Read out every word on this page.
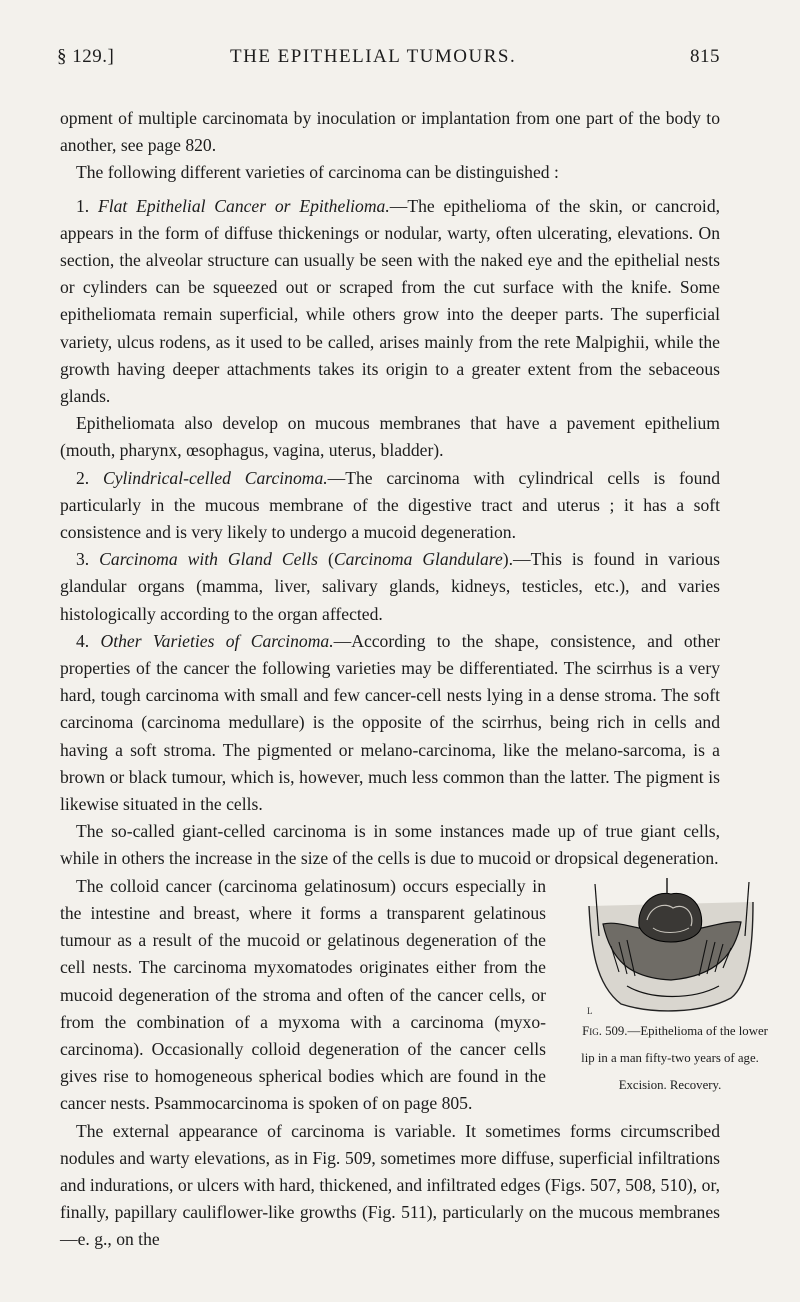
§ 129.]	THE EPITHELIAL TUMOURS.	815

opment of multiple carcinomata by inoculation or implantation from one part of the body to another, see page 820.

The following different varieties of carcinoma can be distinguished :

1. Flat Epithelial Cancer or Epithelioma.—The epithelioma of the skin, or cancroid, appears in the form of diffuse thickenings or nodular, warty, often ulcerating, elevations. On section, the alveolar structure can usually be seen with the naked eye and the epithelial nests or cylinders can be squeezed out or scraped from the cut surface with the knife. Some epitheliomata remain superficial, while others grow into the deeper parts. The superficial variety, ulcus rodens, as it used to be called, arises mainly from the rete Malpighii, while the growth having deeper attachments takes its origin to a greater extent from the sebaceous glands.

Epitheliomata also develop on mucous membranes that have a pavement epithelium (mouth, pharynx, œsophagus, vagina, uterus, bladder).

2. Cylindrical-celled Carcinoma.—The carcinoma with cylindrical cells is found particularly in the mucous membrane of the digestive tract and uterus ; it has a soft consistence and is very likely to undergo a mucoid degeneration.

3. Carcinoma with Gland Cells (Carcinoma Glandulare).—This is found in various glandular organs (mamma, liver, salivary glands, kidneys, testicles, etc.), and varies histologically according to the organ affected.

4. Other Varieties of Carcinoma.—According to the shape, consistence, and other properties of the cancer the following varieties may be differentiated. The scirrhus is a very hard, tough carcinoma with small and few cancer-cell nests lying in a dense stroma. The soft carcinoma (carcinoma medullare) is the opposite of the scirrhus, being rich in cells and having a soft stroma. The pigmented or melano-carcinoma, like the melano-sarcoma, is a brown or black tumour, which is, however, much less common than the latter. The pigment is likewise situated in the cells.

The so-called giant-celled carcinoma is in some instances made up of true giant cells, while in others the increase in the size of the cells is due to mucoid or dropsical degeneration.

L
Fig. 509.—Epithelioma of the lower lip in a man fifty-two years of age. Excision. Recovery.
The colloid cancer (carcinoma gelatinosum) occurs especially in the intestine and breast, where it forms a transparent gelatinous tumour as a result of the mucoid or gelatinous degeneration of the cell nests. The carcinoma myxomatodes originates either from the mucoid degeneration of the stroma and often of the cancer cells, or from the combination of a myxoma with a carcinoma (myxo-carcinoma). Occasionally colloid degeneration of the cancer cells gives rise to homogeneous spherical bodies which are found in the cancer nests. Psammocarcinoma is spoken of on page 805.

The external appearance of carcinoma is variable. It sometimes forms circumscribed nodules and warty elevations, as in Fig. 509, sometimes more diffuse, superficial infiltrations and indurations, or ulcers with hard, thickened, and infiltrated edges (Figs. 507, 508, 510), or, finally, papillary cauliflower-like growths (Fig. 511), particularly on the mucous membranes—e. g., on the
